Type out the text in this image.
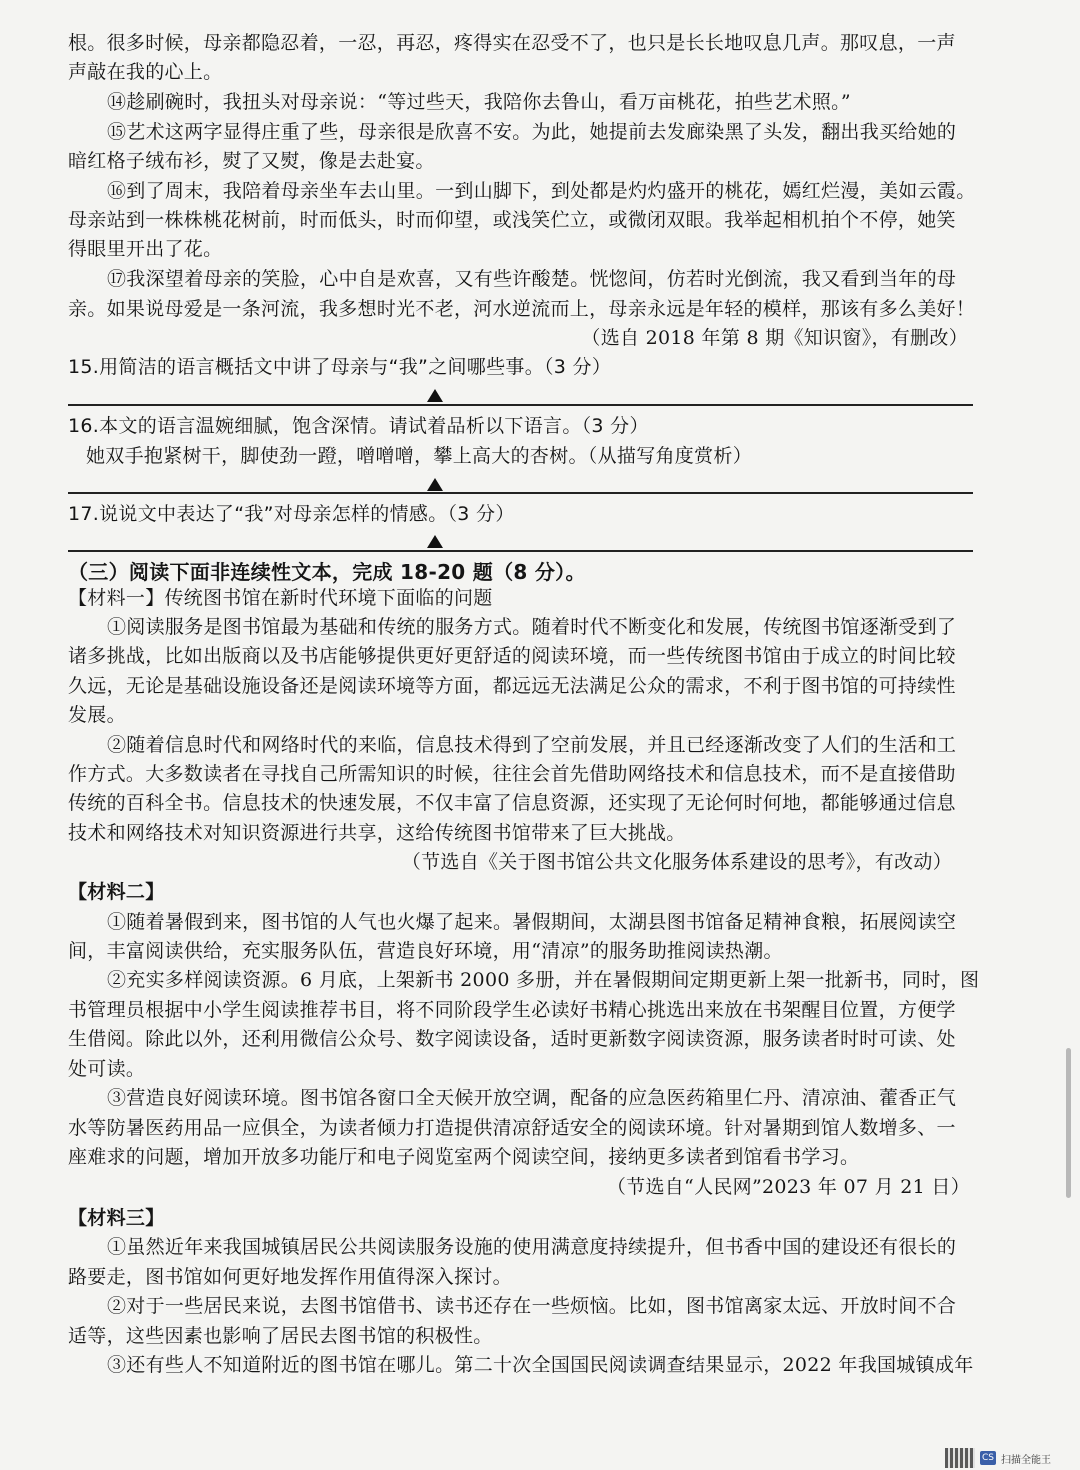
根。很多时候，母亲都隐忍着，一忍，再忍，疼得实在忍受不了，也只是长长地叹息几声。那叹息，一声
声敲在我的心上。
⑭趁刷碗时，我扭头对母亲说：“等过些天，我陪你去鲁山，看万亩桃花，拍些艺术照。”
⑮艺术这两字显得庄重了些，母亲很是欣喜不安。为此，她提前去发廊染黑了头发，翻出我买给她的
暗红格子绒布衫，熨了又熨，像是去赴宴。
⑯到了周末，我陪着母亲坐车去山里。一到山脚下，到处都是灼灼盛开的桃花，嫣红烂漫，美如云霞。
母亲站到一株株桃花树前，时而低头，时而仰望，或浅笑伫立，或微闭双眼。我举起相机拍个不停，她笑
得眼里开出了花。
⑰我深望着母亲的笑脸，心中自是欢喜，又有些许酸楚。恍惚间，仿若时光倒流，我又看到当年的母
亲。如果说母爱是一条河流，我多想时光不老，河水逆流而上，母亲永远是年轻的模样，那该有多么美好！
（选自 2018 年第 8 期《知识窗》，有删改）
15.用简洁的语言概括文中讲了母亲与“我”之间哪些事。（3 分）
16.本文的语言温婉细腻，饱含深情。请试着品析以下语言。（3 分）
她双手抱紧树干，脚使劲一蹬，噌噌噌，攀上高大的杏树。（从描写角度赏析）
17.说说文中表达了“我”对母亲怎样的情感。（3 分）
（三）阅读下面非连续性文本，完成 18-20 题（8 分）。
【材料一】传统图书馆在新时代环境下面临的问题
①阅读服务是图书馆最为基础和传统的服务方式。随着时代不断变化和发展，传统图书馆逐渐受到了
诸多挑战，比如出版商以及书店能够提供更好更舒适的阅读环境，而一些传统图书馆由于成立的时间比较
久远，无论是基础设施设备还是阅读环境等方面，都远远无法满足公众的需求，不利于图书馆的可持续性
发展。
②随着信息时代和网络时代的来临，信息技术得到了空前发展，并且已经逐渐改变了人们的生活和工
作方式。大多数读者在寻找自己所需知识的时候，往往会首先借助网络技术和信息技术，而不是直接借助
传统的百科全书。信息技术的快速发展，不仅丰富了信息资源，还实现了无论何时何地，都能够通过信息
技术和网络技术对知识资源进行共享，这给传统图书馆带来了巨大挑战。
（节选自《关于图书馆公共文化服务体系建设的思考》，有改动）
【材料二】
①随着暑假到来，图书馆的人气也火爆了起来。暑假期间，太湖县图书馆备足精神食粮，拓展阅读空
间，丰富阅读供给，充实服务队伍，营造良好环境，用“清凉”的服务助推阅读热潮。
②充实多样阅读资源。6 月底，上架新书 2000 多册，并在暑假期间定期更新上架一批新书，同时，图
书管理员根据中小学生阅读推荐书目，将不同阶段学生必读好书精心挑选出来放在书架醒目位置，方便学
生借阅。除此以外，还利用微信公众号、数字阅读设备，适时更新数字阅读资源，服务读者时时可读、处
处可读。
③营造良好阅读环境。图书馆各窗口全天候开放空调，配备的应急医药箱里仁丹、清凉油、藿香正气
水等防暑医药用品一应俱全，为读者倾力打造提供清凉舒适安全的阅读环境。针对暑期到馆人数增多、一
座难求的问题，增加开放多功能厅和电子阅览室两个阅读空间，接纳更多读者到馆看书学习。
（节选自“人民网”2023 年 07 月 21 日）
【材料三】
①虽然近年来我国城镇居民公共阅读服务设施的使用满意度持续提升，但书香中国的建设还有很长的
路要走，图书馆如何更好地发挥作用值得深入探讨。
②对于一些居民来说，去图书馆借书、读书还存在一些烦恼。比如，图书馆离家太远、开放时间不合
适等，这些因素也影响了居民去图书馆的积极性。
③还有些人不知道附近的图书馆在哪儿。第二十次全国国民阅读调查结果显示，2022 年我国城镇成年
CS 扫描全能王
